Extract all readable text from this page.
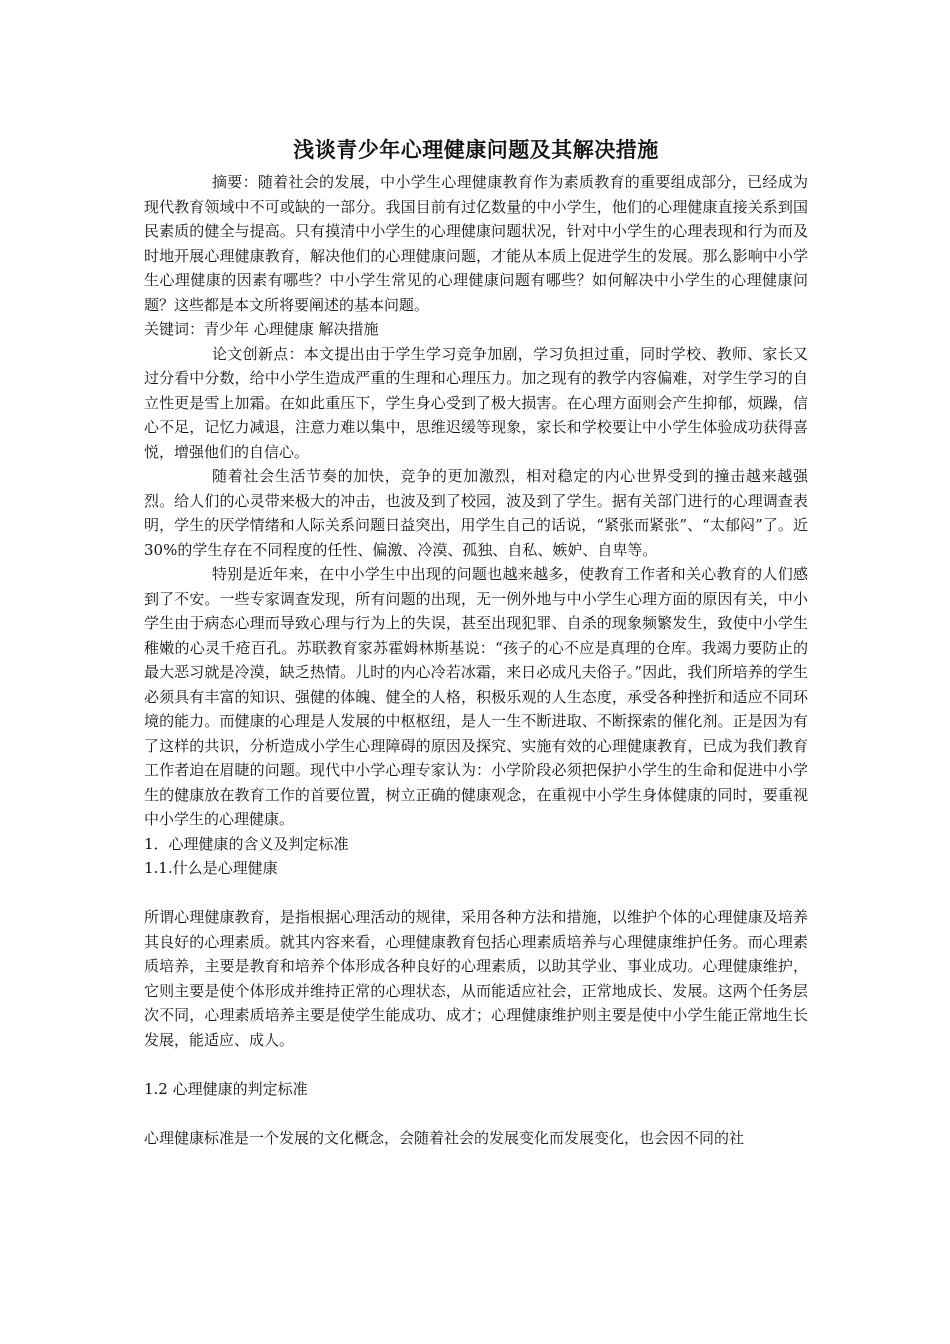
浅谈青少年心理健康问题及其解决措施

摘要：随着社会的发展，中小学生心理健康教育作为素质教育的重要组成部分，已经成为现代教育领域中不可或缺的一部分。我国目前有过亿数量的中小学生，他们的心理健康直接关系到国民素质的健全与提高。只有摸清中小学生的心理健康问题状况，针对中小学生的心理表现和行为而及时地开展心理健康教育，解决他们的心理健康问题，才能从本质上促进学生的发展。那么影响中小学生心理健康的因素有哪些？中小学生常见的心理健康问题有哪些？如何解决中小学生的心理健康问题？这些都是本文所将要阐述的基本问题。

关键词：青少年 心理健康 解决措施

论文创新点：本文提出由于学生学习竞争加剧，学习负担过重，同时学校、教师、家长又过分看中分数，给中小学生造成严重的生理和心理压力。加之现有的教学内容偏难，对学生学习的自立性更是雪上加霜。在如此重压下，学生身心受到了极大损害。在心理方面则会产生抑郁，烦躁，信心不足，记忆力减退，注意力难以集中，思维迟缓等现象，家长和学校要让中小学生体验成功获得喜悦，增强他们的自信心。

随着社会生活节奏的加快，竞争的更加激烈，相对稳定的内心世界受到的撞击越来越强烈。给人们的心灵带来极大的冲击，也波及到了校园，波及到了学生。据有关部门进行的心理调查表明，学生的厌学情绪和人际关系问题日益突出，用学生自己的话说，“紧张而紧张”、“太郁闷”了。近30%的学生存在不同程度的任性、偏激、冷漠、孤独、自私、嫉妒、自卑等。

特别是近年来，在中小学生中出现的问题也越来越多，使教育工作者和关心教育的人们感到了不安。一些专家调查发现，所有问题的出现，无一例外地与中小学生心理方面的原因有关，中小学生由于病态心理而导致心理与行为上的失误，甚至出现犯罪、自杀的现象频繁发生，致使中小学生稚嫩的心灵千疮百孔。苏联教育家苏霍姆林斯基说：“孩子的心不应是真理的仓库。我竭力要防止的最大恶习就是冷漠，缺乏热情。儿时的内心冷若冰霜，来日必成凡夫俗子。”因此，我们所培养的学生必须具有丰富的知识、强健的体魄、健全的人格，积极乐观的人生态度，承受各种挫折和适应不同环境的能力。而健康的心理是人发展的中枢枢纽，是人一生不断进取、不断探索的催化剂。正是因为有了这样的共识，分析造成小学生心理障碍的原因及探究、实施有效的心理健康教育，已成为我们教育工作者迫在眉睫的问题。现代中小学心理专家认为：小学阶段必须把保护小学生的生命和促进中小学生的健康放在教育工作的首要位置，树立正确的健康观念，在重视中小学生身体健康的同时，要重视中小学生的心理健康。

1．心理健康的含义及判定标准

1.1.什么是心理健康

所谓心理健康教育，是指根据心理活动的规律，采用各种方法和措施，以维护个体的心理健康及培养其良好的心理素质。就其内容来看，心理健康教育包括心理素质培养与心理健康维护任务。而心理素质培养，主要是教育和培养个体形成各种良好的心理素质，以助其学业、事业成功。心理健康维护，它则主要是使个体形成并维持正常的心理状态，从而能适应社会，正常地成长、发展。这两个任务层次不同，心理素质培养主要是使学生能成功、成才；心理健康维护则主要是使中小学生能正常地生长发展，能适应、成人。

1.2 心理健康的判定标准

心理健康标准是一个发展的文化概念，会随着社会的发展变化而发展变化，也会因不同的社
